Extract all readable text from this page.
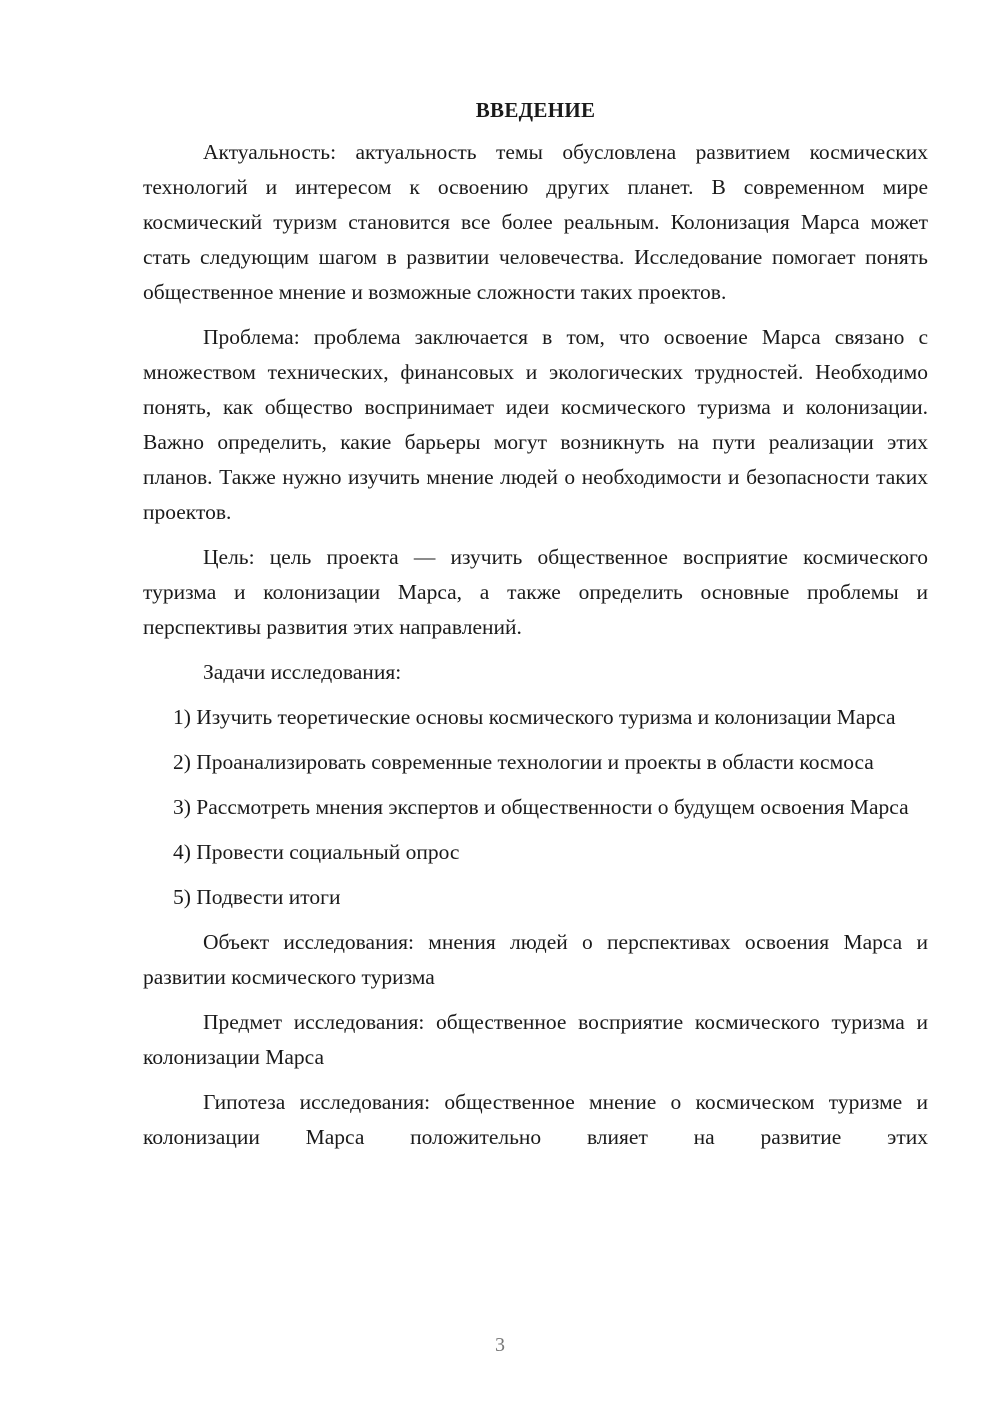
ВВЕДЕНИЕ

Актуальность: актуальность темы обусловлена развитием космических технологий и интересом к освоению других планет. В современном мире космический туризм становится все более реальным. Колонизация Марса может стать следующим шагом в развитии человечества. Исследование помогает понять общественное мнение и возможные сложности таких проектов.

Проблема: проблема заключается в том, что освоение Марса связано с множеством технических, финансовых и экологических трудностей. Необходимо понять, как общество воспринимает идеи космического туризма и колонизации. Важно определить, какие барьеры могут возникнуть на пути реализации этих планов. Также нужно изучить мнение людей о необходимости и безопасности таких проектов.

Цель: цель проекта — изучить общественное восприятие космического туризма и колонизации Марса, а также определить основные проблемы и перспективы развития этих направлений.

Задачи исследования:

1) Изучить теоретические основы космического туризма и колонизации Марса

2) Проанализировать современные технологии и проекты в области космоса

3) Рассмотреть мнения экспертов и общественности о будущем освоения Марса

4) Провести социальный опрос

5) Подвести итоги

Объект исследования: мнения людей о перспективах освоения Марса и развитии космического туризма

Предмет исследования: общественное восприятие космического туризма и колонизации Марса

Гипотеза исследования: общественное мнение о космическом туризме и колонизации Марса положительно влияет на развитие этих

3
